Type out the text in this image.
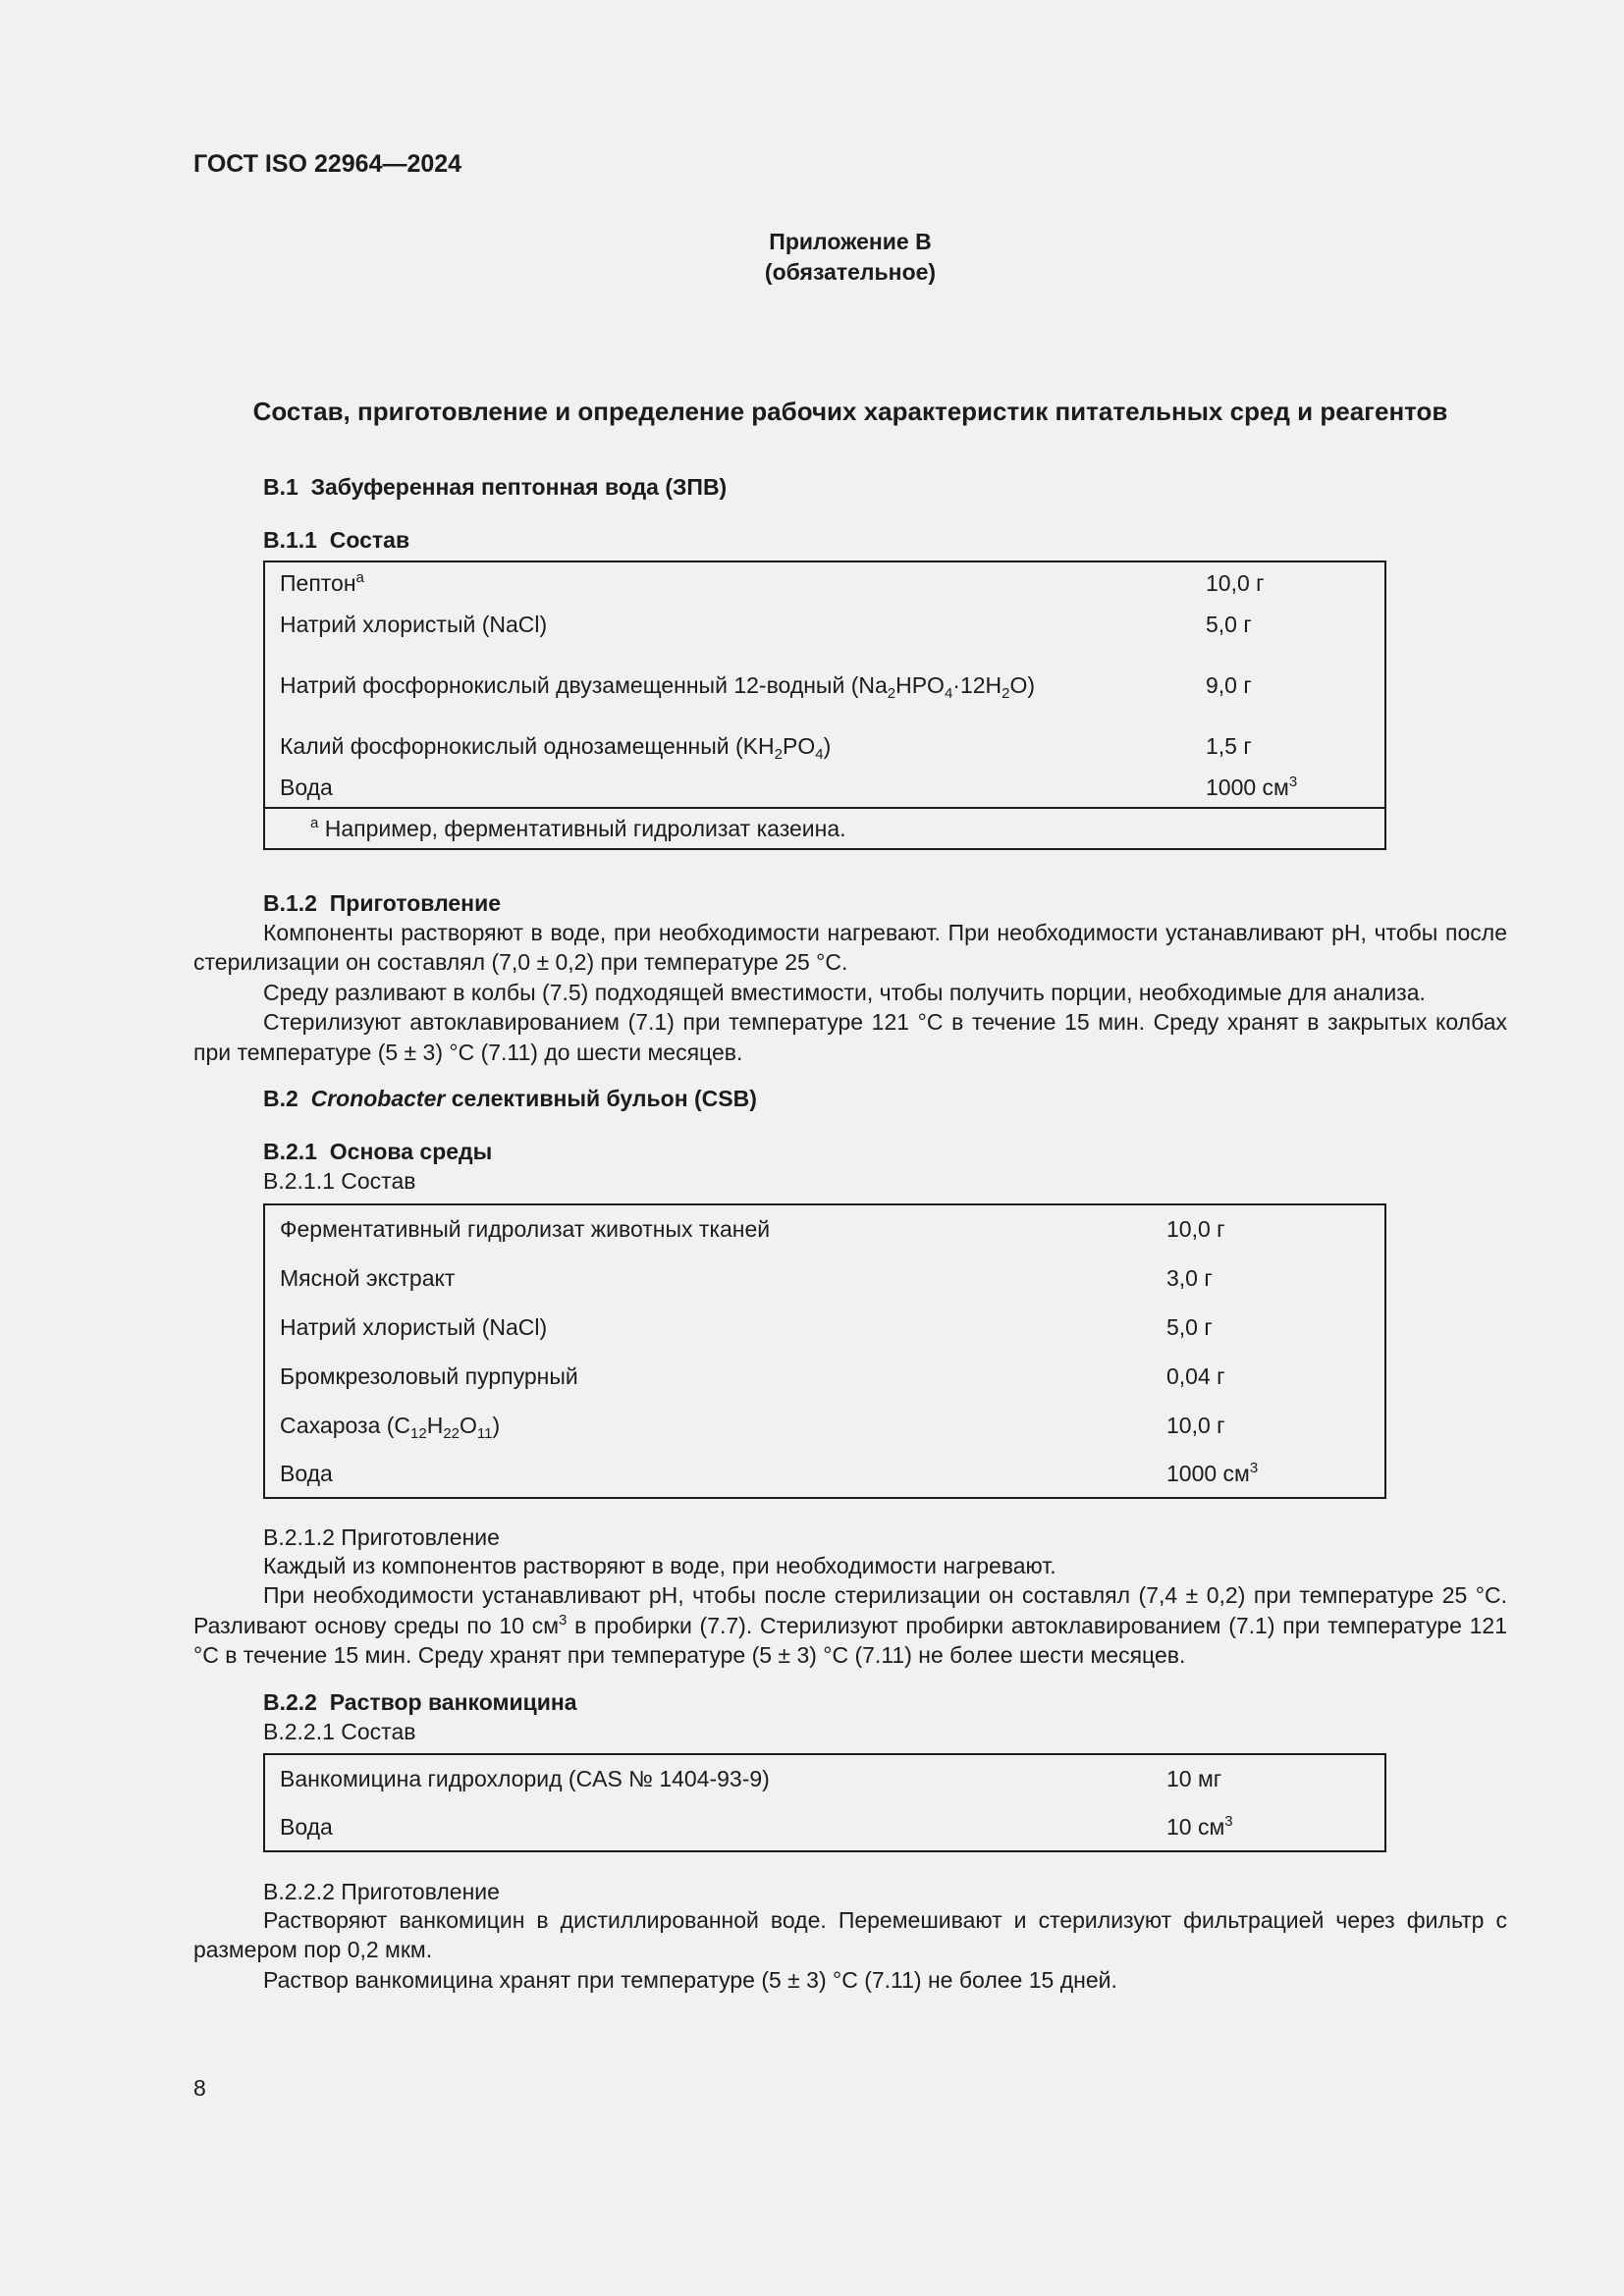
ГОСТ ISO 22964—2024
Приложение В
(обязательное)
Состав, приготовление и определение рабочих характеристик питательных сред и реагентов
В.1 Забуференная пептонная вода (ЗПВ)
В.1.1 Состав
Пептон$^a$	10,0 г
Натрий хлористый (NaCl)	5,0 г
Натрий фосфорнокислый двузамещенный 12-водный $(Na_2HPO_4\cdot 12H_2O)$	9,0 г
Калий фосфорнокислый однозамещенный $(KH_2PO_4)$	1,5 г
Вода	1000 $см^3$
$^a$ Например, ферментативный гидролизат казеина.	
В.1.2 Приготовление

Компоненты растворяют в воде, при необходимости нагревают. При необходимости устанавливают pH, чтобы после стерилизации он составлял (7,0 ± 0,2) при температуре 25 °С.

Среду разливают в колбы (7.5) подходящей вместимости, чтобы получить порции, необходимые для анализа.

Стерилизуют автоклавированием (7.1) при температуре 121 °С в течение 15 мин. Среду хранят в закрытых колбах при температуре (5 ± 3) °С (7.11) до шести месяцев.

В.2 Cronobacter селективный бульон (CSB)
В.2.1 Основа среды
В.2.1.1 Состав
Ферментативный гидролизат животных тканей	10,0 г
Мясной экстракт	3,0 г
Натрий хлористый (NaCl)	5,0 г
Бромкрезоловый пурпурный	0,04 г
Сахароза $(C_{12}H_{22}O_{11})$	10,0 г
Вода	1000 $см^3$
В.2.1.2 Приготовление

Каждый из компонентов растворяют в воде, при необходимости нагревают.

При необходимости устанавливают pH, чтобы после стерилизации он составлял (7,4 ± 0,2) при температуре 25 °С. Разливают основу среды по 10 $см^3$ в пробирки (7.7). Стерилизуют пробирки автоклавированием (7.1) при температуре 121 °С в течение 15 мин. Среду хранят при температуре (5 ± 3) °С (7.11) не более шести месяцев.

В.2.2 Раствор ванкомицина
В.2.2.1 Состав
Ванкомицина гидрохлорид (CAS № 1404-93-9)	10 мг
Вода	10 $см^3$
В.2.2.2 Приготовление

Растворяют ванкомицин в дистиллированной воде. Перемешивают и стерилизуют фильтрацией через фильтр с размером пор 0,2 мкм.

Раствор ванкомицина хранят при температуре (5 ± 3) °С (7.11) не более 15 дней.

8
